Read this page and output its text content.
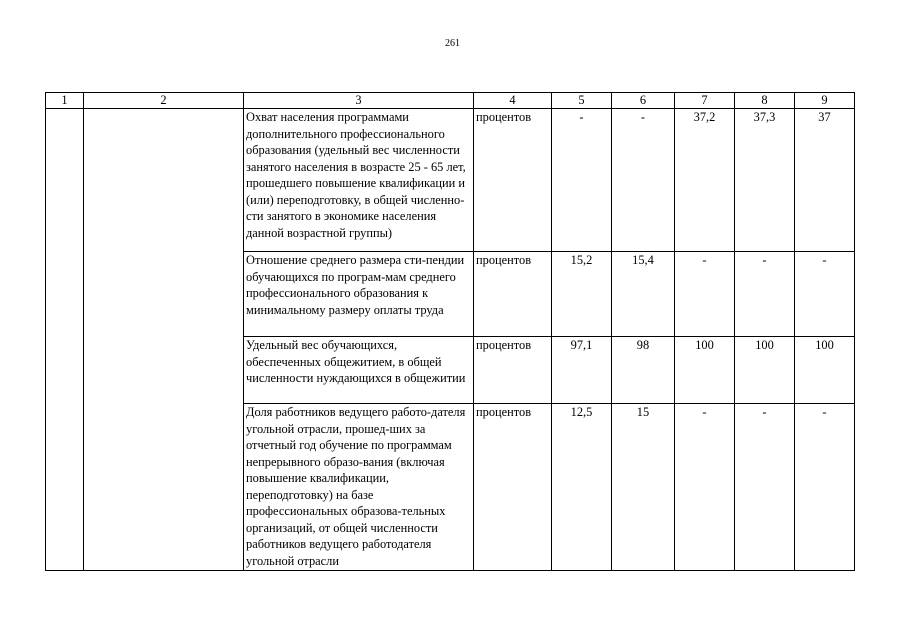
261
1	2	3	4	5	6	7	8	9
		Охват населения программами дополнительного профессионального образования (удельный вес численности занятого населения в возрасте 25 - 65 лет, прошедшего повышение квалификации и (или) переподготовку, в общей численно-сти занятого в экономике населения данной возрастной группы)	процентов	-	-	37,2	37,3	37
		Отношение среднего размера сти-пендии обучающихся по програм-мам среднего профессионального образования к минимальному размеру оплаты труда	процентов	15,2	15,4	-	-	-
		Удельный вес обучающихся, обеспеченных общежитием, в общей численности нуждающихся в общежитии	процентов	97,1	98	100	100	100
		Доля работников ведущего работо-дателя угольной отрасли, прошед-ших за отчетный год обучение по программам непрерывного образо-вания (включая повышение квалификации, переподготовку) на базе профессиональных образова-тельных организаций, от общей численности работников ведущего работодателя угольной отрасли	процентов	12,5	15	-	-	-
